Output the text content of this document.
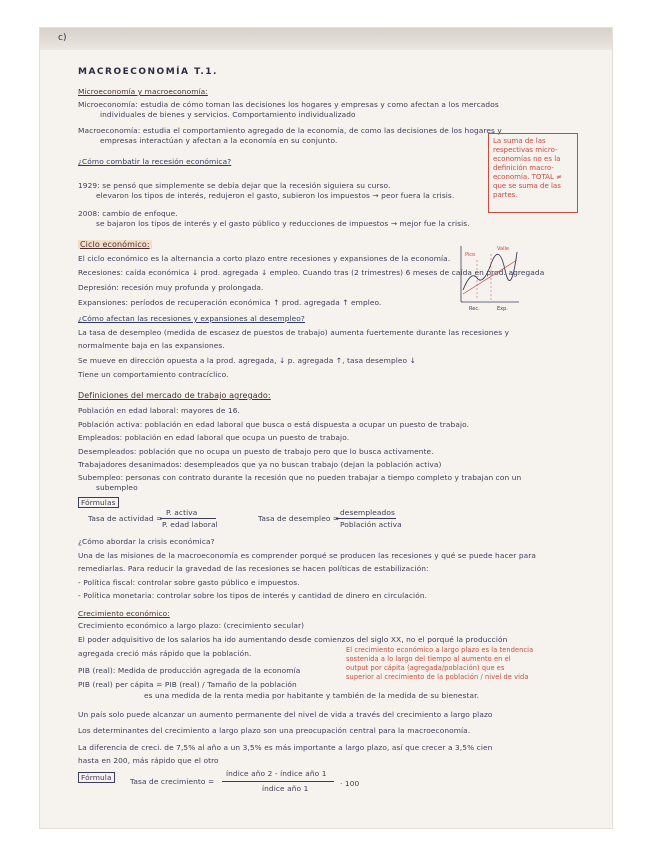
c)
MACROECONOMÍA T.1.
Microeconomía y macroeconomía:
Microeconomía: estudia de cómo toman las decisiones los hogares y empresas y como afectan a los mercados
individuales de bienes y servicios. Comportamiento individualizado
Macroeconomía: estudia el comportamiento agregado de la economía, de como las decisiones de los hogares y
empresas interactúan y afectan a la economía en su conjunto.	La suma de las respectivas micro-economías no es la definición macro-economía. TOTAL ≠ que se suma de las partes.
¿Cómo combatir la recesión económica?
1929: se pensó que simplemente se debía dejar que la recesión siguiera su curso.
elevaron los tipos de interés, redujeron el gasto, subieron los impuestos → peor fuera la crisis.
2008: cambio de enfoque.
se bajaron los tipos de interés y el gasto público y reducciones de impuestos → mejor fue la crisis.
Ciclo económico:
El ciclo económico es la alternancia a corto plazo entre recesiones y expansiones de la economía.
Recesiones: caída económica ↓ prod. agregada ↓ empleo. Cuando tras (2 trimestres) 6 meses de caída en prod. agregada
Depresión: recesión muy profunda y prolongada.
Expansiones: períodos de recuperación económica ↑ prod. agregada ↑ empleo.
Pico
Valle
Rec.	Exp.
¿Cómo afectan las recesiones y expansiones al desempleo?
La tasa de desempleo (medida de escasez de puestos de trabajo) aumenta fuertemente durante las recesiones y
normalmente baja en las expansiones.
Se mueve en dirección opuesta a la prod. agregada, ↓ p. agregada ↑, tasa desempleo ↓
Tiene un comportamiento contracíclico.
Definiciones del mercado de trabajo agregado:
Población en edad laboral: mayores de 16.
Población activa: población en edad laboral que busca o está dispuesta a ocupar un puesto de trabajo.
Empleados: población en edad laboral que ocupa un puesto de trabajo.
Desempleados: población que no ocupa un puesto de trabajo pero que lo busca activamente.
Trabajadores desanimados: desempleados que ya no buscan trabajo (dejan la población activa)
Subempleo: personas con contrato durante la recesión que no pueden trabajar a tiempo completo y trabajan con un
subempleo
Fórmulas
Tasa de actividad =
P. activa
P. edad laboral
Tasa de desempleo =
desempleados
Población activa
¿Cómo abordar la crisis económica?
Una de las misiones de la macroeconomía es comprender porqué se producen las recesiones y qué se puede hacer para
remediarlas. Para reducir la gravedad de las recesiones se hacen políticas de estabilización:
- Política fiscal: controlar sobre gasto público e impuestos.
- Política monetaria: controlar sobre los tipos de interés y cantidad de dinero en circulación.
Crecimiento económico:
Crecimiento económico a largo plazo: (crecimiento secular)
El poder adquisitivo de los salarios ha ido aumentando desde comienzos del siglo XX, no el porqué la producción
agregada creció más rápido que la población.	El crecimiento económico a largo plazo es la tendencia
sostenida a lo largo del tiempo al aumento en el
output por cápita (agregada/población) que es
superior al crecimiento de la población / nivel de vida
PIB (real): Medida de producción agregada de la economía
PIB (real) per cápita = PIB (real) / Tamaño de la población
es una medida de la renta media por habitante y también de la medida de su bienestar.
Un país solo puede alcanzar un aumento permanente del nivel de vida a través del crecimiento a largo plazo
Los determinantes del crecimiento a largo plazo son una preocupación central para la macroeconomía.
La diferencia de creci. de 7,5% al año a un 3,5% es más importante a largo plazo, así que crecer a 3,5% cien
hasta en 200, más rápido que el otro
Fórmula	Tasa de crecimiento =
índice año 2 - índice año 1
índice año 1
· 100
